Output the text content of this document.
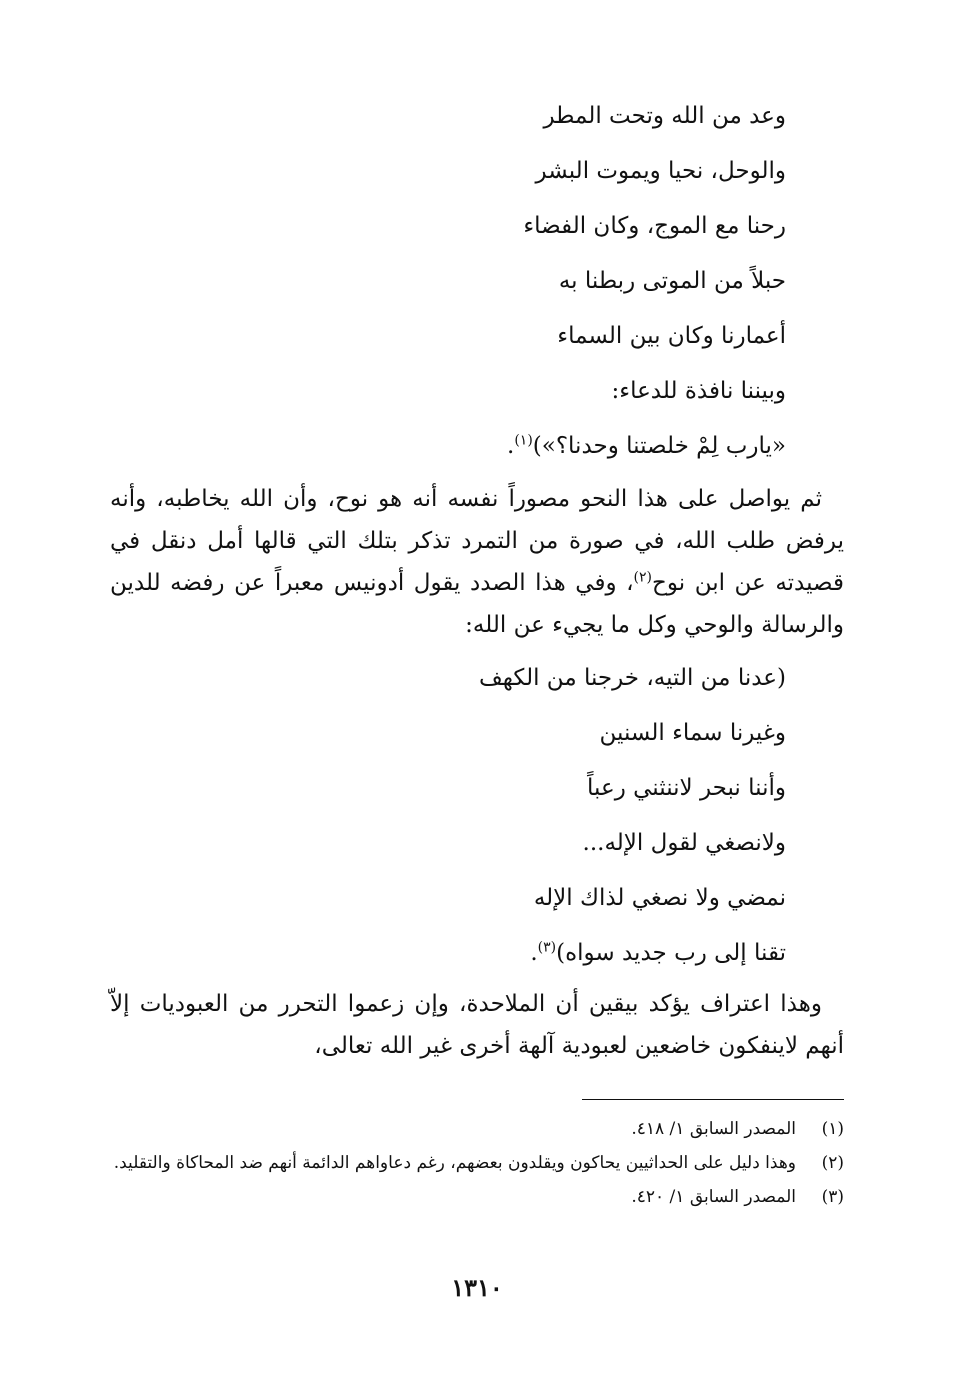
وعد من الله وتحت المطر
والوحل، نحيا ويموت البشر
رحنا مع الموج، وكان الفضاء
حبلاً من الموتى ربطنا به
أعمارنا وكان بين السماء
وبيننا نافذة للدعاء:
«يارب لِمْ خلصتنا وحدنا؟»)$^{(١)}$.
ثم يواصل على هذا النحو مصوراً نفسه أنه هو نوح، وأن الله يخاطبه، وأنه يرفض طلب الله، في صورة من التمرد تذكر بتلك التي قالها أمل دنقل في قصيدته عن ابن نوح$^{(٢)}$، وفي هذا الصدد يقول أدونيس معبراً عن رفضه للدين والرسالة والوحي وكل ما يجيء عن الله:
(عدنا من التيه، خرجنا من الكهف
وغيرنا سماء السنين
وأننا نبحر لاننثني رعباً
ولانصغي لقول الإله...
نمضي ولا نصغي لذاك الإله
تقنا إلى رب جديد سواه)$^{(٣)}$.
وهذا اعتراف يؤكد بيقين أن الملاحدة، وإن زعموا التحرر من العبوديات إلاّ أنهم لاينفكون خاضعين لعبودية آلهة أخرى غير الله تعالى،
(١)
المصدر السابق ١/ ٤١٨.
(٢)
وهذا دليل على الحداثيين يحاكون ويقلدون بعضهم، رغم دعاواهم الدائمة أنهم ضد المحاكاة والتقليد.
(٣)
المصدر السابق ١/ ٤٢٠.
١٣١٠
